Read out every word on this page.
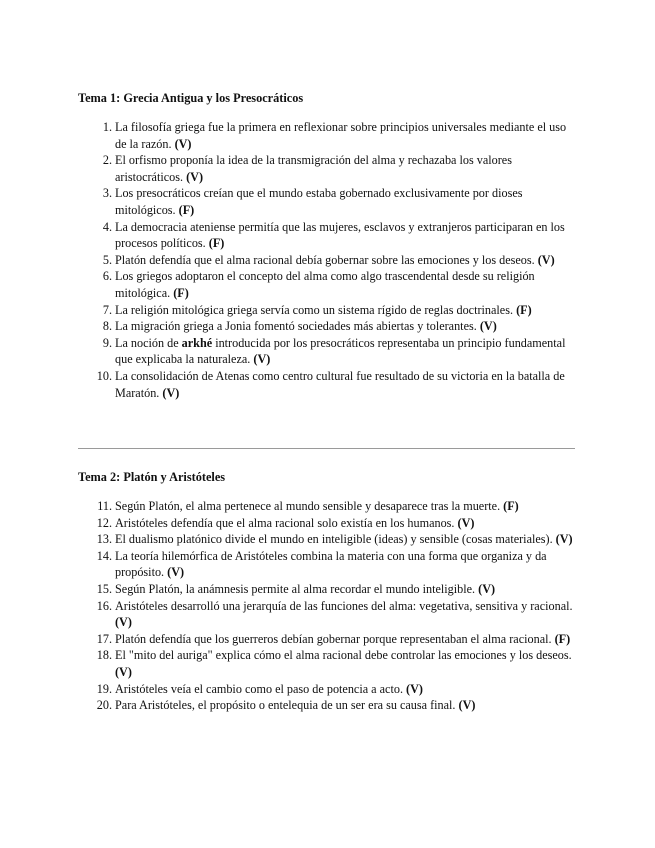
Tema 1: Grecia Antigua y los Presocráticos
1. La filosofía griega fue la primera en reflexionar sobre principios universales mediante el uso de la razón. (V)
2. El orfismo proponía la idea de la transmigración del alma y rechazaba los valores aristocráticos. (V)
3. Los presocráticos creían que el mundo estaba gobernado exclusivamente por dioses mitológicos. (F)
4. La democracia ateniense permitía que las mujeres, esclavos y extranjeros participaran en los procesos políticos. (F)
5. Platón defendía que el alma racional debía gobernar sobre las emociones y los deseos. (V)
6. Los griegos adoptaron el concepto del alma como algo trascendental desde su religión mitológica. (F)
7. La religión mitológica griega servía como un sistema rígido de reglas doctrinales. (F)
8. La migración griega a Jonia fomentó sociedades más abiertas y tolerantes. (V)
9. La noción de arkhé introducida por los presocráticos representaba un principio fundamental que explicaba la naturaleza. (V)
10. La consolidación de Atenas como centro cultural fue resultado de su victoria en la batalla de Maratón. (V)
Tema 2: Platón y Aristóteles
11. Según Platón, el alma pertenece al mundo sensible y desaparece tras la muerte. (F)
12. Aristóteles defendía que el alma racional solo existía en los humanos. (V)
13. El dualismo platónico divide el mundo en inteligible (ideas) y sensible (cosas materiales). (V)
14. La teoría hilemórfica de Aristóteles combina la materia con una forma que organiza y da propósito. (V)
15. Según Platón, la anámnesis permite al alma recordar el mundo inteligible. (V)
16. Aristóteles desarrolló una jerarquía de las funciones del alma: vegetativa, sensitiva y racional. (V)
17. Platón defendía que los guerreros debían gobernar porque representaban el alma racional. (F)
18. El "mito del auriga" explica cómo el alma racional debe controlar las emociones y los deseos. (V)
19. Aristóteles veía el cambio como el paso de potencia a acto. (V)
20. Para Aristóteles, el propósito o entelequia de un ser era su causa final. (V)
